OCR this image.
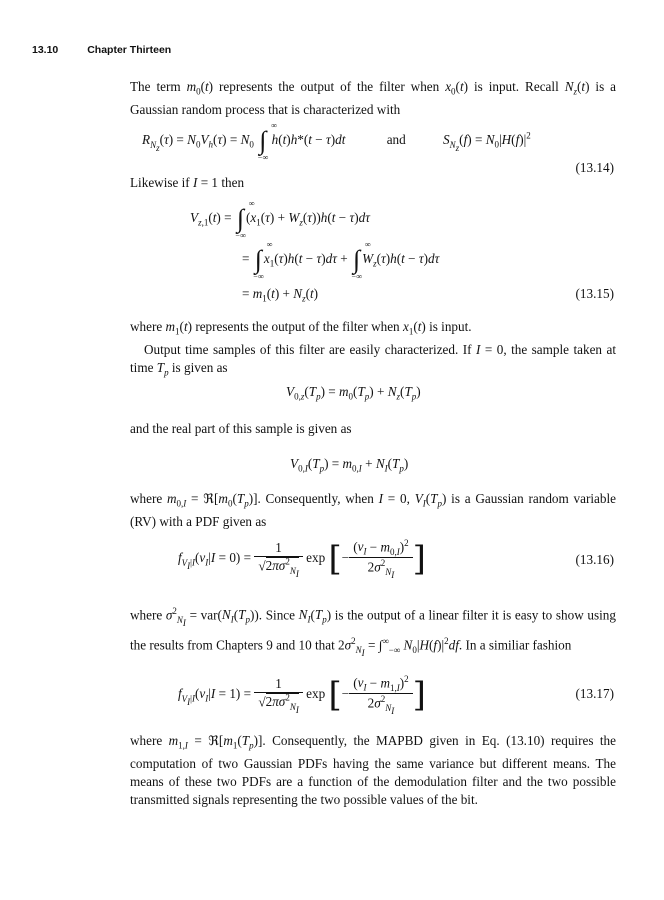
13.10	Chapter Thirteen

The term $m_0(t)$ represents the output of the filter when $x_0(t)$ is input. Recall $N_z(t)$ is a Gaussian random process that is characterized with

$R_{N_z}(\tau) = N_0V_h(\tau) = N_0$ ∫
∞
−∞
h(t)h*(t − τ)dt	and	$S_{N_z}(f) = N_0|H(f)|^2$
(13.14)

Likewise if I = 1 then

$V_{z,1}(t)$ = ∫
∞
−∞
$(x_1(\tau) + W_z(\tau))h(t - \tau)d\tau$
= ∫
∞
−∞
$x_1(\tau)h(t - \tau)d\tau$ + ∫
∞
−∞
$W_z(\tau)h(t - \tau)d\tau$
= $m_1(t) + N_z(t)$	(13.15)

where $m_1(t)$ represents the output of the filter when $x_1(t)$ is input.

Output time samples of this filter are easily characterized. If I = 0, the sample taken at time $T_p$ is given as

$V_{0,z}(T_p) = m_0(T_p) + N_z(T_p)$

and the real part of this sample is given as

$V_{0,I}(T_p) = m_{0,I} + N_I(T_p)$

where $m_{0,I}$ = $ℜ[m_0(T_p)]$. Consequently, when I = 0, $V_I(T_p)$ is a Gaussian random variable (RV) with a PDF given as

$f_{V_I|I}(v_I|I = 0) = \frac{1}{√2\pi\sigma^2_{N_I}}$ exp [− $\frac{(v_I - m_{0,I})^2}{2\sigma^2_{N_I}}$ ]	(13.16)

where $\sigma^2_{N_I} = var(N_I(T_p))$. Since $N_I(T_p)$ is the output of a linear filter it is easy to show using the results from Chapters 9 and 10 that $2\sigma^2_{N_I} = \int^\infty_{-\infty}$ $N_0|H(f)|^2df$. In a similiar fashion

$f_{V_I|I}(v_I|I = 1) = \frac{1}{√2\pi\sigma^2_{N_I}}$ exp [− $\frac{(v_I - m_{1,I})^2}{2\sigma^2_{N_I}}$ ]	(13.17)

where $m_{1,I}$ = $ℜ[m_1(T_p)]$. Consequently, the MAPBD given in Eq. (13.10) requires the computation of two Gaussian PDFs having the same variance but different means. The means of these two PDFs are a function of the demodulation filter and the two possible transmitted signals representing the two possible values of the bit.
